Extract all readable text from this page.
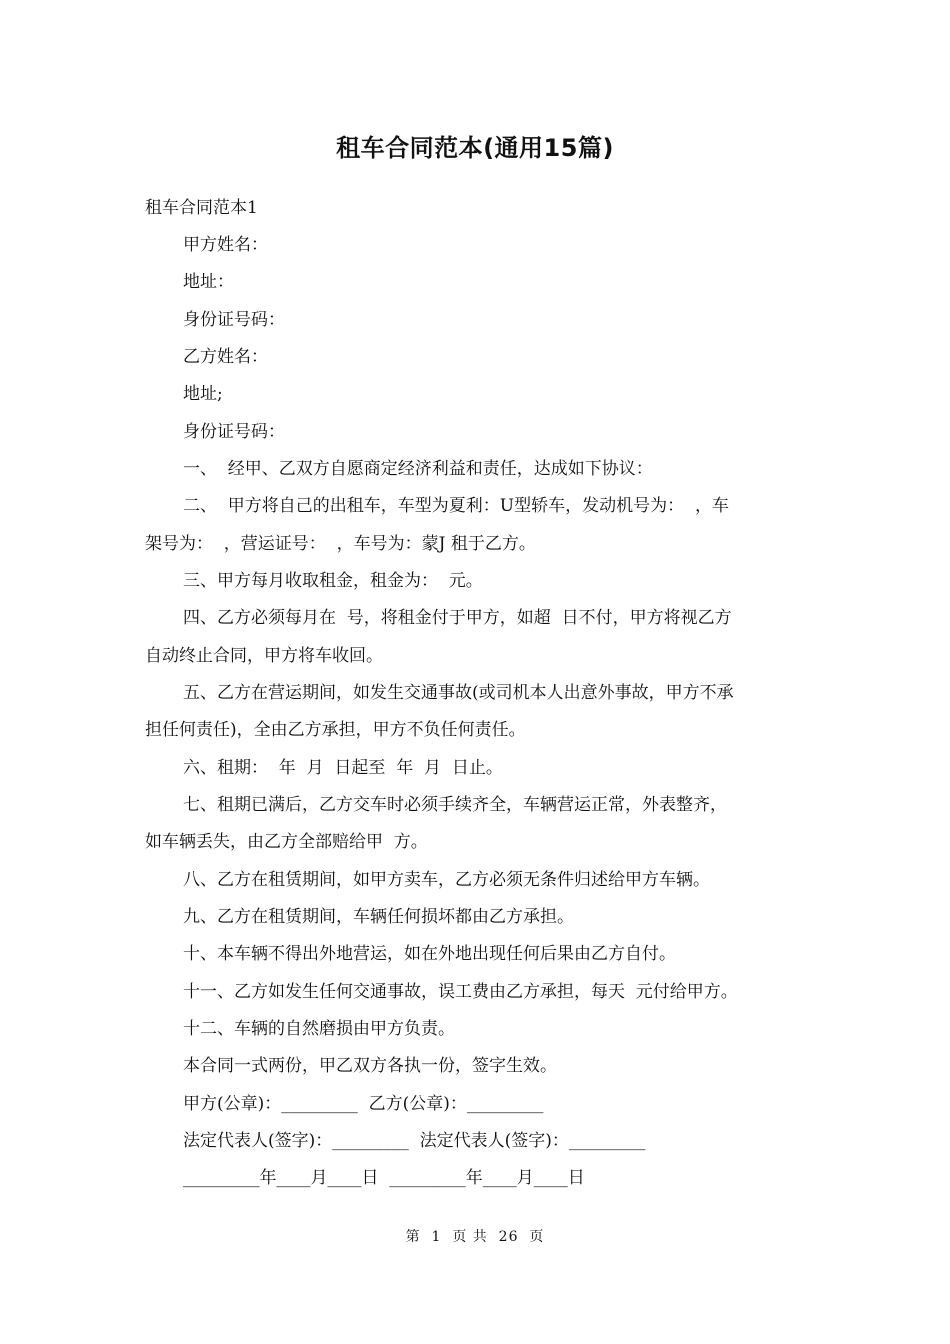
租车合同范本(通用15篇)
租车合同范本1
甲方姓名：
地址：
身份证号码：
乙方姓名：
地址;
身份证号码：
一、  经甲、乙双方自愿商定经济利益和责任，达成如下协议：
二、  甲方将自己的出租车，车型为夏利：U型轿车，发动机号为：  ，车
架号为：  ，营运证号：  ，车号为：蒙J 租于乙方。
三、甲方每月收取租金，租金为：  元。
四、乙方必须每月在  号，将租金付于甲方，如超  日不付，甲方将视乙方
自动终止合同，甲方将车收回。
五、乙方在营运期间，如发生交通事故(或司机本人出意外事故，甲方不承
担任何责任)，全由乙方承担，甲方不负任何责任。
六、租期：  年  月  日起至  年  月  日止。
七、租期已满后，乙方交车时必须手续齐全，车辆营运正常，外表整齐，
如车辆丢失，由乙方全部赔给甲  方。
八、乙方在租赁期间，如甲方卖车，乙方必须无条件归述给甲方车辆。
九、乙方在租赁期间，车辆任何损坏都由乙方承担。
十、本车辆不得出外地营运，如在外地出现任何后果由乙方自付。
十一、乙方如发生任何交通事故，误工费由乙方承担，每天  元付给甲方。
十二、车辆的自然磨损由甲方负责。
本合同一式两份，甲乙双方各执一份，签字生效。
甲方(公章)：_________  乙方(公章)：_________
法定代表人(签字)：_________  法定代表人(签字)：_________
_________年____月____日  _________年____月____日
第  1  页 共  26  页
